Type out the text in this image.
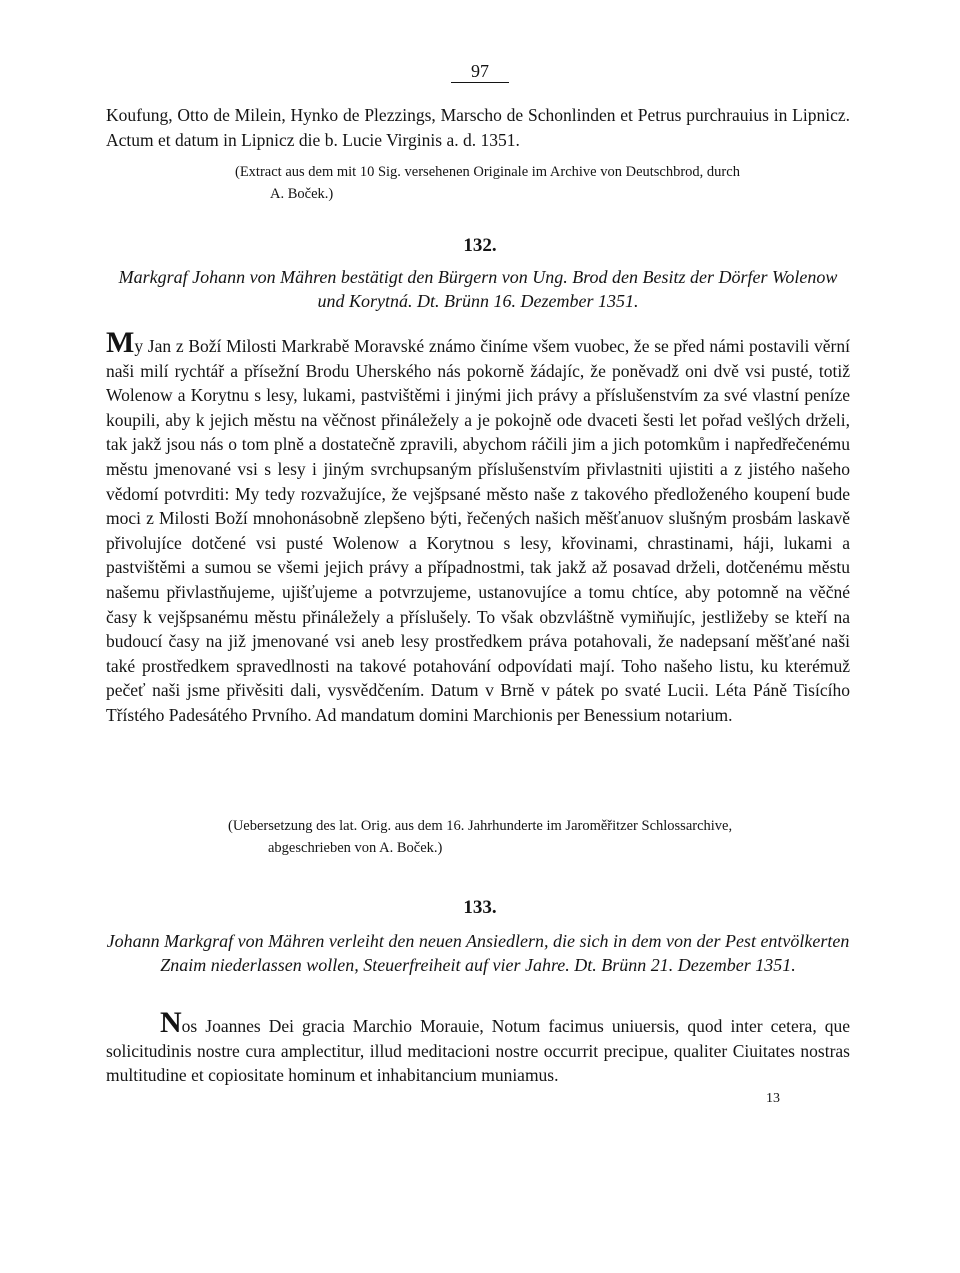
97
Koufung, Otto de Milein, Hynko de Plezzings, Marscho de Schonlinden et Petrus purchrauius in Lipnicz. Actum et datum in Lipnicz die b. Lucie Virginis a. d. 1351.
(Extract aus dem mit 10 Sig. versehenen Originale im Archive von Deutschbrod, durch
A. Boček.)
132.
Markgraf Johann von Mähren bestätigt den Bürgern von Ung. Brod den Besitz der Dörfer Wolenow und Korytná. Dt. Brünn 16. Dezember 1351.
My Jan z Boží Milosti Markrabě Moravské známo činíme všem vuobec, že se před námi postavili věrní naši milí rychtář a přísežní Brodu Uherského nás pokorně žádajíc, že poněvadž oni dvě vsi pusté, totiž Wolenow a Korytnu s lesy, lukami, pastvištěmi i jinými jich právy a příslušenstvím za své vlastní peníze koupili, aby k jejich městu na věčnost přináležely a je pokojně ode dvaceti šesti let pořad vešlých drželi, tak jakž jsou nás o tom plně a dostatečně zpravili, abychom ráčili jim a jich potomkům i napředřečenému městu jmenované vsi s lesy i jiným svrchupsaným příslušenstvím přivlastniti ujistiti a z jistého našeho vědomí potvrditi: My tedy rozvažujíce, že vejšpsané město naše z takového předloženého koupení bude moci z Milosti Boží mnohonásobně zlepšeno býti, řečených našich měšťanuov slušným prosbám laskavě přivolujíce dotčené vsi pusté Wolenow a Korytnou s lesy, křovinami, chrastinami, háji, lukami a pastvištěmi a sumou se všemi jejich právy a případnostmi, tak jakž až posavad drželi, dotčenému městu našemu přivlastňujeme, ujišťujeme a potvrzujeme, ustanovujíce a tomu chtíce, aby potomně na věčné časy k vejšpsanému městu přináležely a příslušely. To však obzvláštně vymiňujíc, jestližeby se kteří na budoucí časy na již jmenované vsi aneb lesy prostředkem práva potahovali, že nadepsaní měšťané naši také prostředkem spravedlnosti na takové potahování odpovídati mají. Toho našeho listu, ku kterémuž pečeť naši jsme přivěsiti dali, vysvědčením. Datum v Brně v pátek po svaté Lucii. Léta Páně Tisícího Třístého Padesátého Prvního. Ad mandatum domini Marchionis per Benessium notarium.
(Uebersetzung des lat. Orig. aus dem 16. Jahrhunderte im Jaroměřitzer Schlossarchive,
abgeschrieben von A. Boček.)
133.
Johann Markgraf von Mähren verleiht den neuen Ansiedlern, die sich in dem von der Pest entvölkerten Znaim niederlassen wollen, Steuerfreiheit auf vier Jahre. Dt. Brünn 21. Dezember 1351.
Nos Joannes Dei gracia Marchio Morauie, Notum facimus uniuersis, quod inter cetera, que solicitudinis nostre cura amplectitur, illud meditacioni nostre occurrit precipue, qualiter Ciuitates nostras multitudine et copiositate hominum et inhabitancium muniamus.
13
